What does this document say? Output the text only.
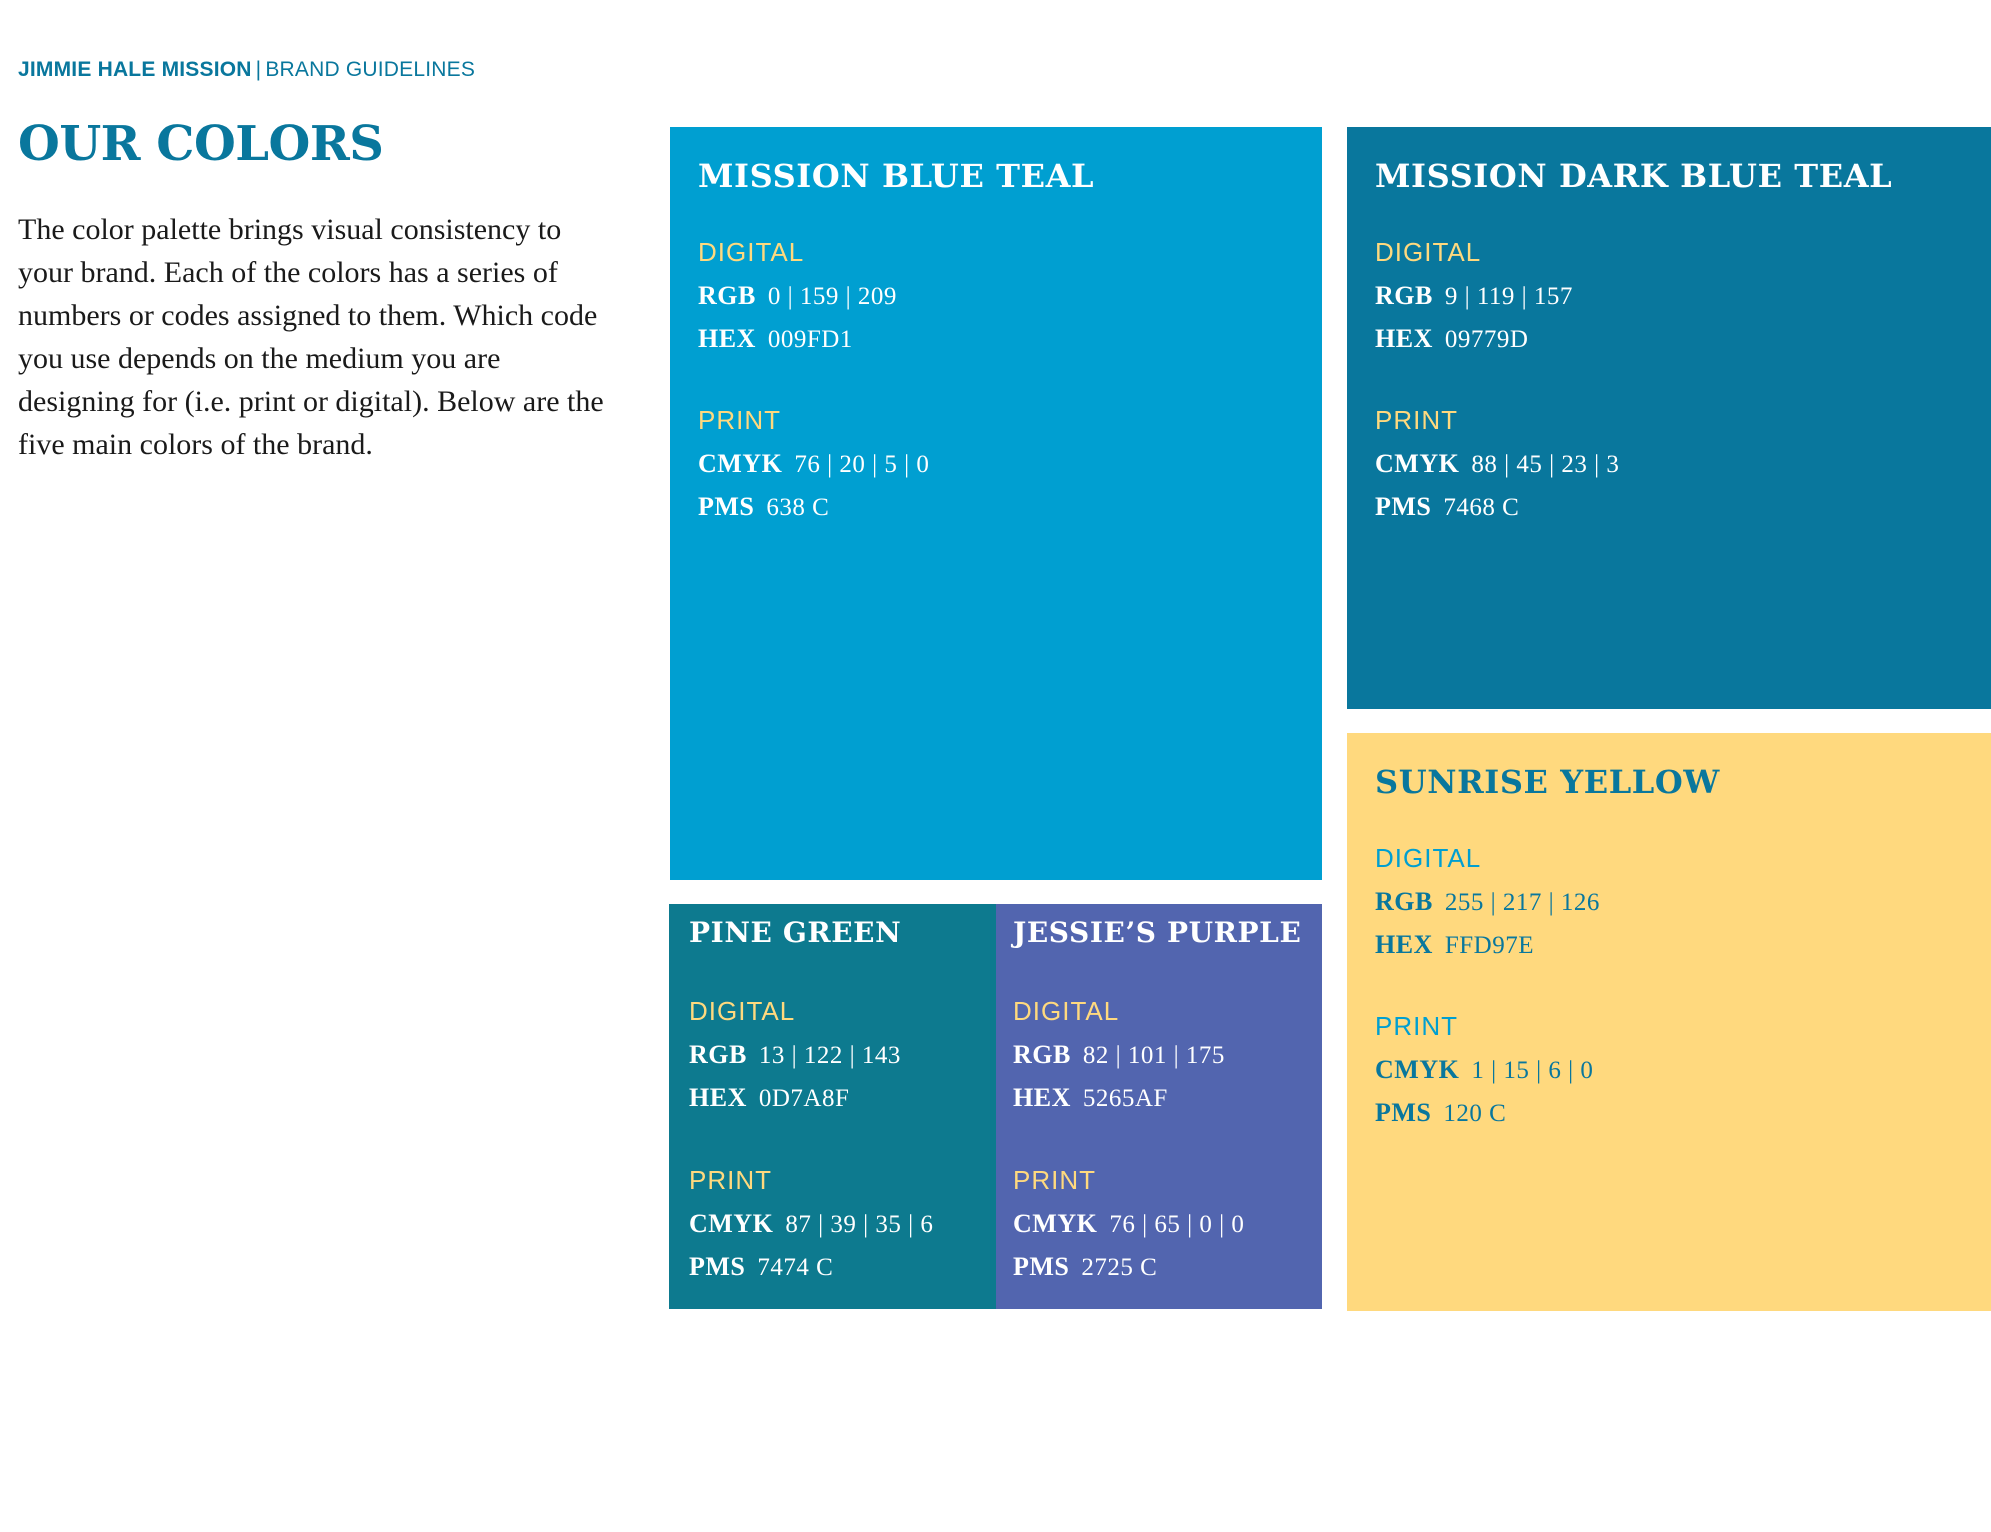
JIMMIE HALE MISSION | BRAND GUIDELINES
OUR COLORS

The color palette brings visual consistency to your brand. Each of the colors has a series of numbers or codes assigned to them. Which code you use depends on the medium you are designing for (i.e. print or digital). Below are the five main colors of the brand.

MISSION BLUE TEAL
DIGITAL
RGB 0 | 159 | 209
HEX 009FD1
PRINT
CMYK 76 | 20 | 5 | 0
PMS 638 C
MISSION DARK BLUE TEAL
DIGITAL
RGB 9 | 119 | 157
HEX 09779D
PRINT
CMYK 88 | 45 | 23 | 3
PMS 7468 C
SUNRISE YELLOW
DIGITAL
RGB 255 | 217 | 126
HEX FFD97E
PRINT
CMYK 1 | 15 | 6 | 0
PMS 120 C
PINE GREEN
DIGITAL
RGB 13 | 122 | 143
HEX 0D7A8F
PRINT
CMYK 87 | 39 | 35 | 6
PMS 7474 C
JESSIE’S PURPLE
DIGITAL
RGB 82 | 101 | 175
HEX 5265AF
PRINT
CMYK 76 | 65 | 0 | 0
PMS 2725 C
